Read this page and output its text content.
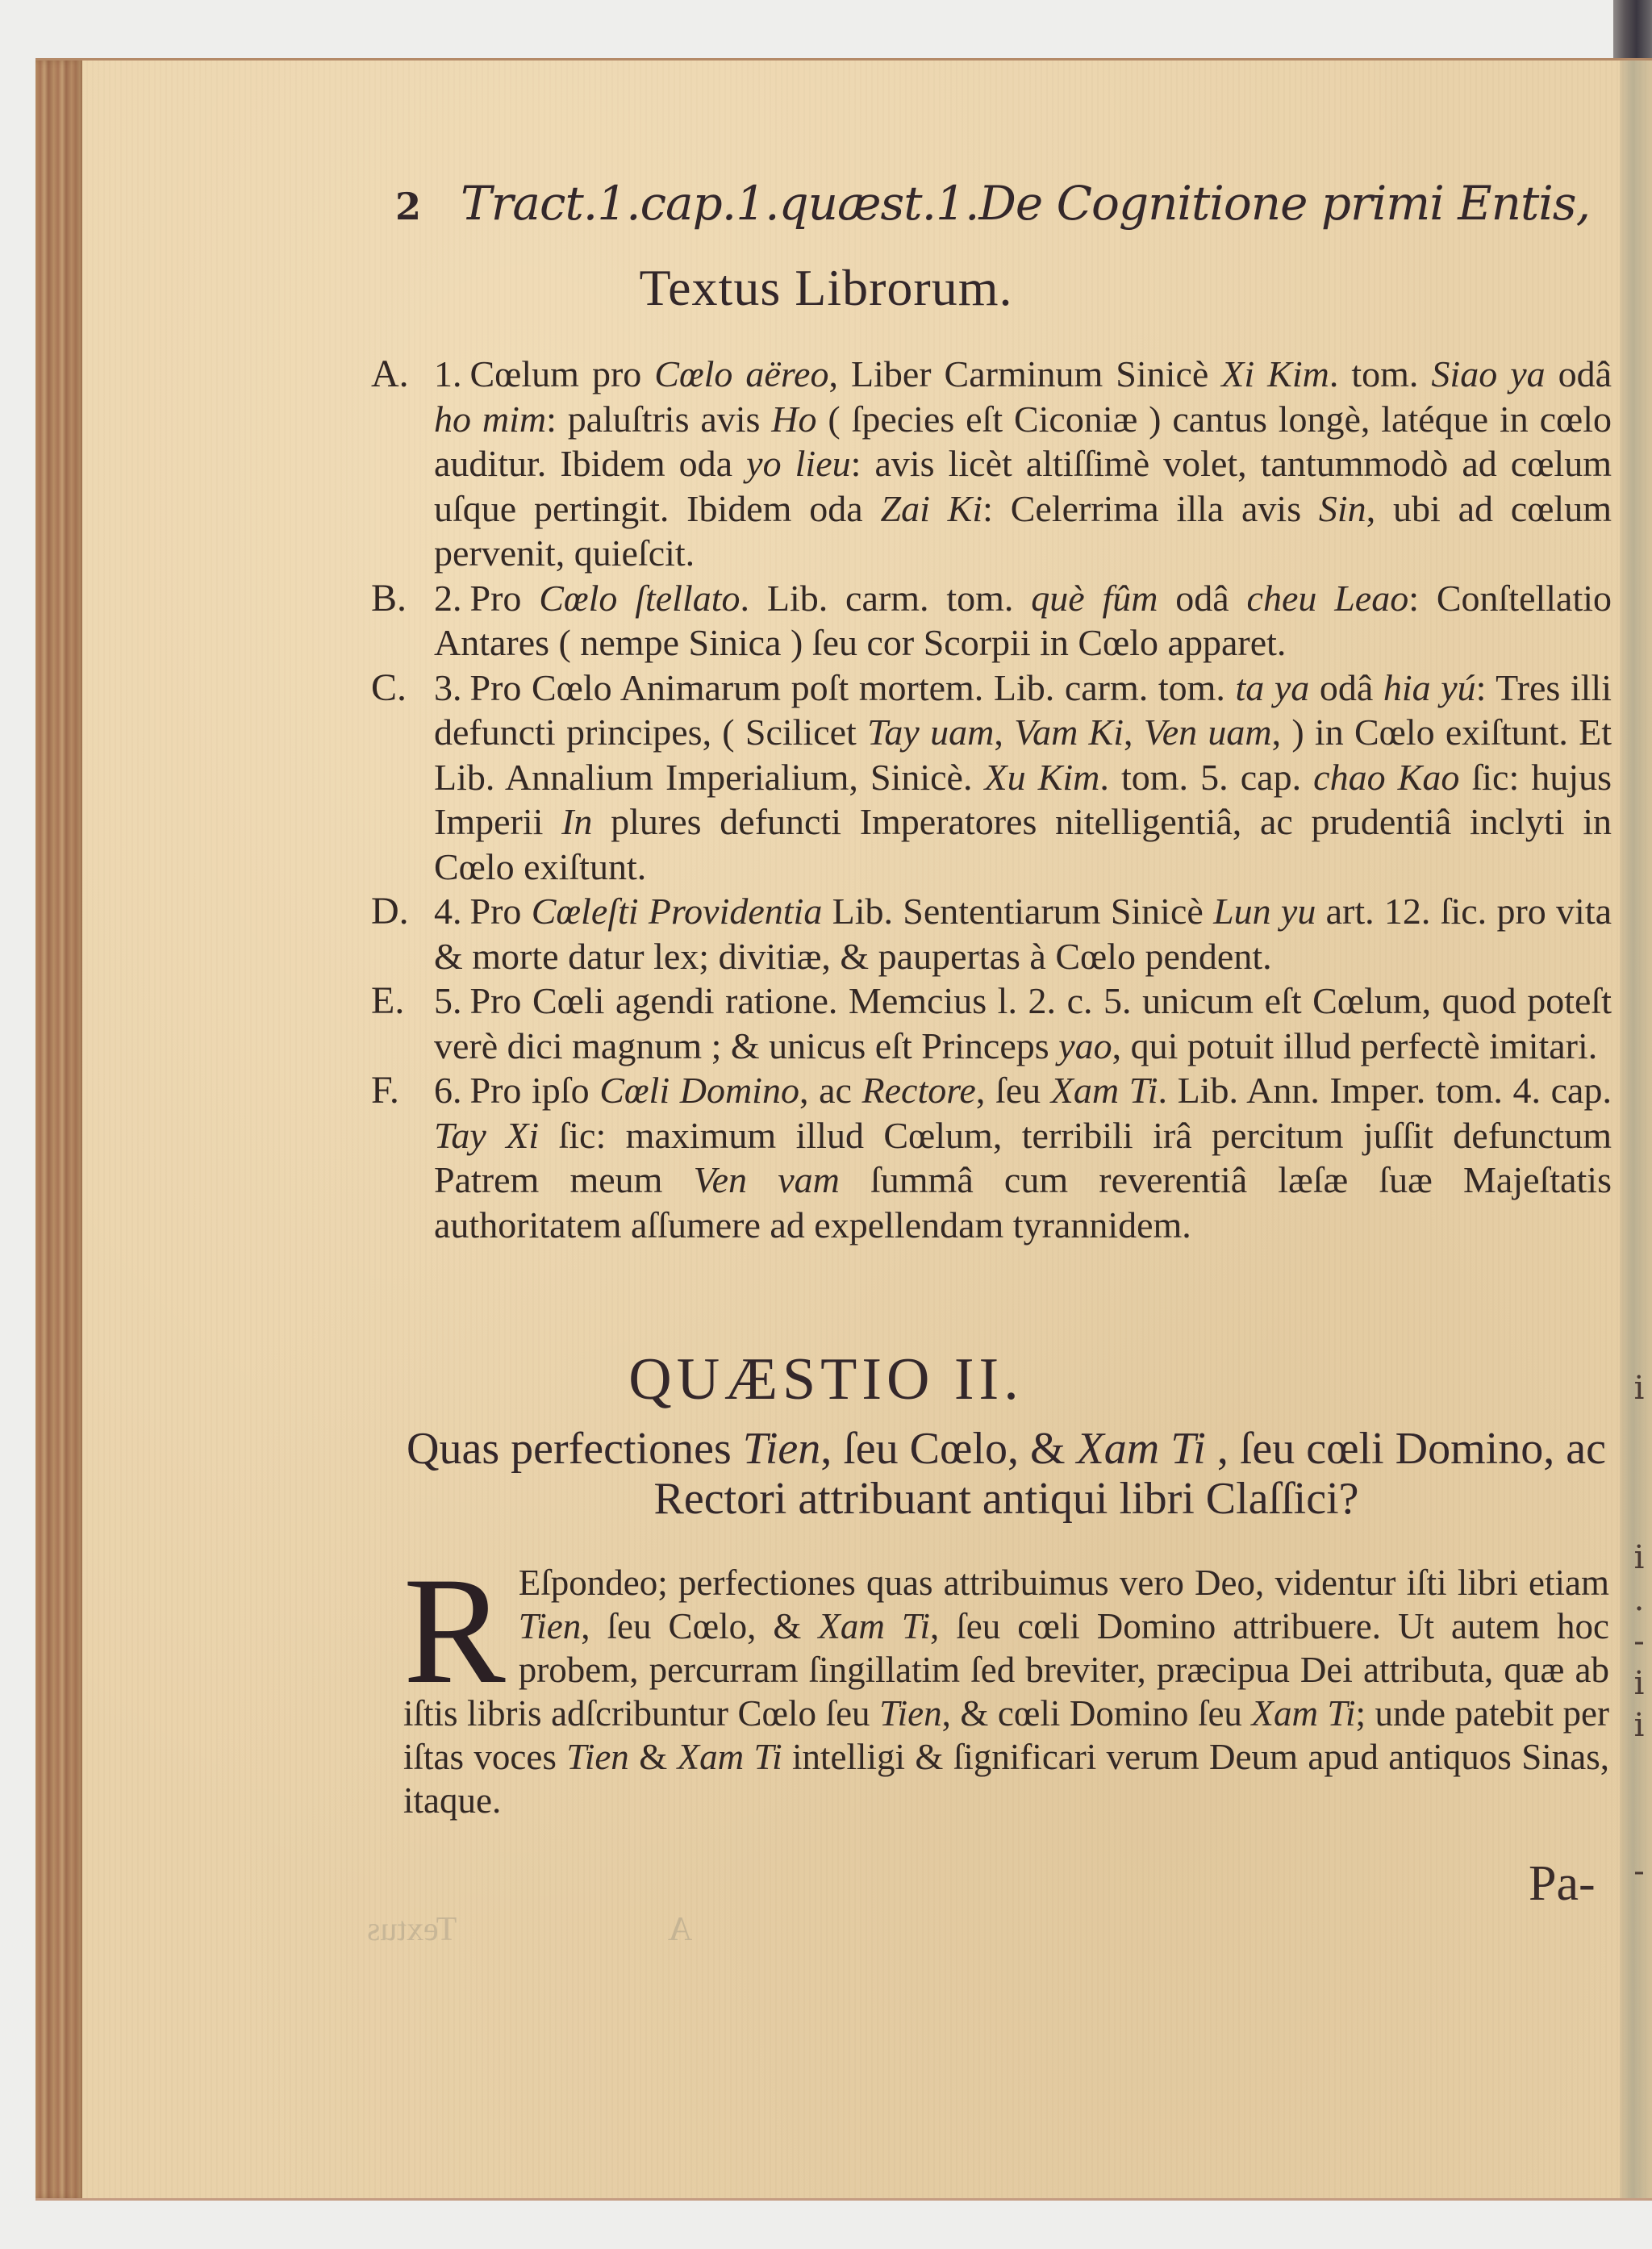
i
i
.
-
i
i
-
2 Tract.1.cap.1.quæst.1.De Cognitione primi Entis,
Textus Librorum.
A. 1. Cœlum pro Cœlo aëreo, Liber Carminum Sinicè Xi Kim. tom. Siao ya odâ ho mim: paluſtris avis Ho ( ſpecies eſt Ciconiæ ) cantus longè, latéque in cœlo auditur. Ibidem oda yo lieu: avis licèt altiſſimè volet, tantummodò ad cœlum uſque pertingit. Ibidem oda Zai Ki: Celerrima illa avis Sin, ubi ad cœlum pervenit, quieſcit.
B. 2. Pro Cœlo ſtellato. Lib. carm. tom. què fûm odâ cheu Leao: Conſtellatio Antares ( nempe Sinica ) ſeu cor Scorpii in Cœlo apparet.
C. 3. Pro Cœlo Animarum poſt mortem. Lib. carm. tom. ta ya odâ hia yú: Tres illi defuncti principes, ( Scilicet Tay uam, Vam Ki, Ven uam, ) in Cœlo exiſtunt. Et Lib. Annalium Imperialium, Sinicè. Xu Kim. tom. 5. cap. chao Kao ſic: hujus Imperii In plures defuncti Imperatores nitelligentiâ, ac prudentiâ inclyti in Cœlo exiſtunt.
D. 4. Pro Cœleſti Providentia Lib. Sententiarum Sinicè Lun yu art. 12. ſic. pro vita & morte datur lex; divitiæ, & paupertas à Cœlo pendent.
E. 5. Pro Cœli agendi ratione. Memcius l. 2. c. 5. unicum eſt Cœlum, quod poteſt verè dici magnum ; & unicus eſt Princeps yao, qui potuit illud perfectè imitari.
F. 6. Pro ipſo Cœli Domino, ac Rectore, ſeu Xam Ti. Lib. Ann. Imper. tom. 4. cap. Tay Xi ſic: maximum illud Cœlum, terribili irâ percitum juſſit defunctum Patrem meum Ven vam ſummâ cum reverentiâ læſæ ſuæ Majeſtatis authoritatem aſſumere ad expellendam tyrannidem.
QUÆSTIO II.
Quas perfectiones Tien, ſeu Cœlo, & Xam Ti , ſeu cœli Domino, ac Rectori attribuant antiqui libri Claſſici?
R Eſpondeo; perfectiones quas attribuimus vero Deo, videntur iſti libri etiam Tien, ſeu Cœlo, & Xam Ti, ſeu cœli Domino attribuere. Ut autem hoc probem, percurram ſingillatim ſed breviter, præcipua Dei attributa, quæ ab iſtis libris adſcribuntur Cœlo ſeu Tien, & cœli Domino ſeu Xam Ti; unde patebit per iſtas voces Tien & Xam Ti intelligi & ſignificari verum Deum apud antiquos Sinas, itaque.
Pa-
Textus	A
